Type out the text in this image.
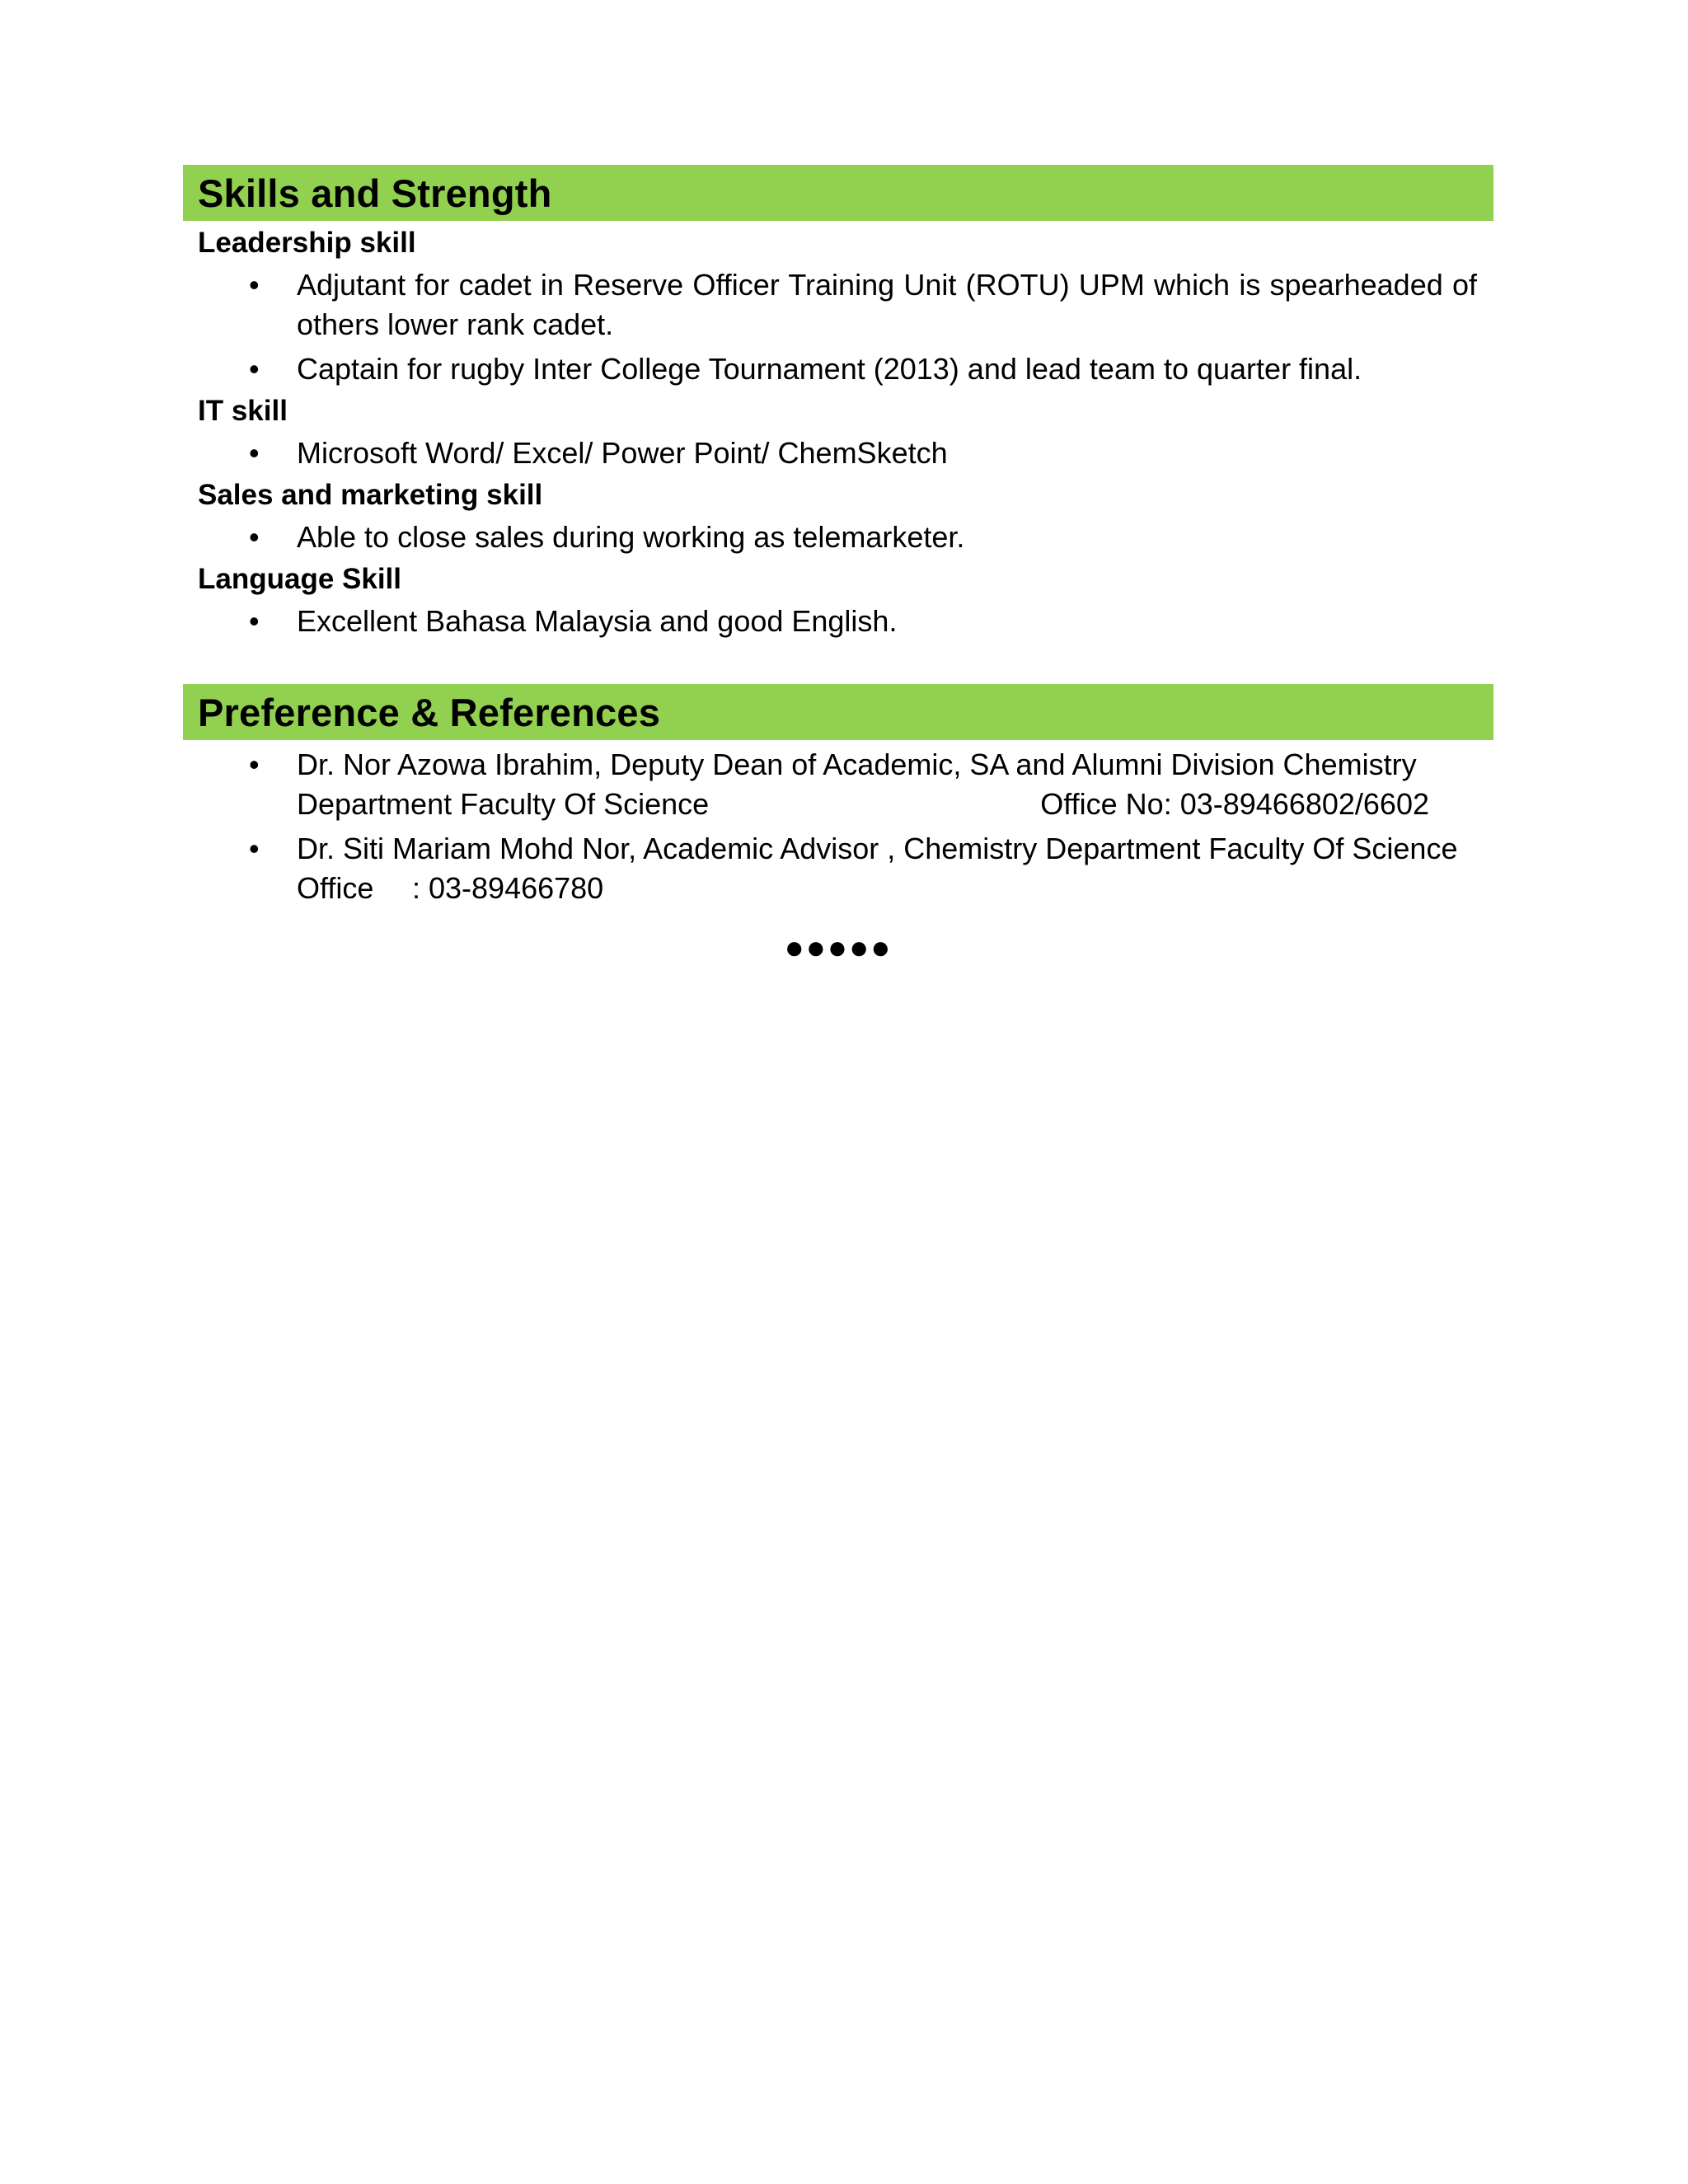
Skills and Strength
Leadership skill
• Adjutant for cadet in Reserve Officer Training Unit (ROTU) UPM which is spearheaded of others lower rank cadet.
• Captain for rugby Inter College Tournament (2013) and lead team to quarter final.
IT skill
• Microsoft Word/ Excel/ Power Point/ ChemSketch
Sales and marketing skill
• Able to close sales during working as telemarketer.
Language Skill
• Excellent Bahasa Malaysia and good English.
Preference & References
• Dr. Nor Azowa Ibrahim, Deputy Dean of Academic, SA and Alumni Division Chemistry
Department Faculty Of Science	Office No: 03-89466802/6602
• Dr. Siti Mariam Mohd Nor, Academic Advisor , Chemistry Department Faculty Of Science
Office	: 03-89466780
●●●●●
